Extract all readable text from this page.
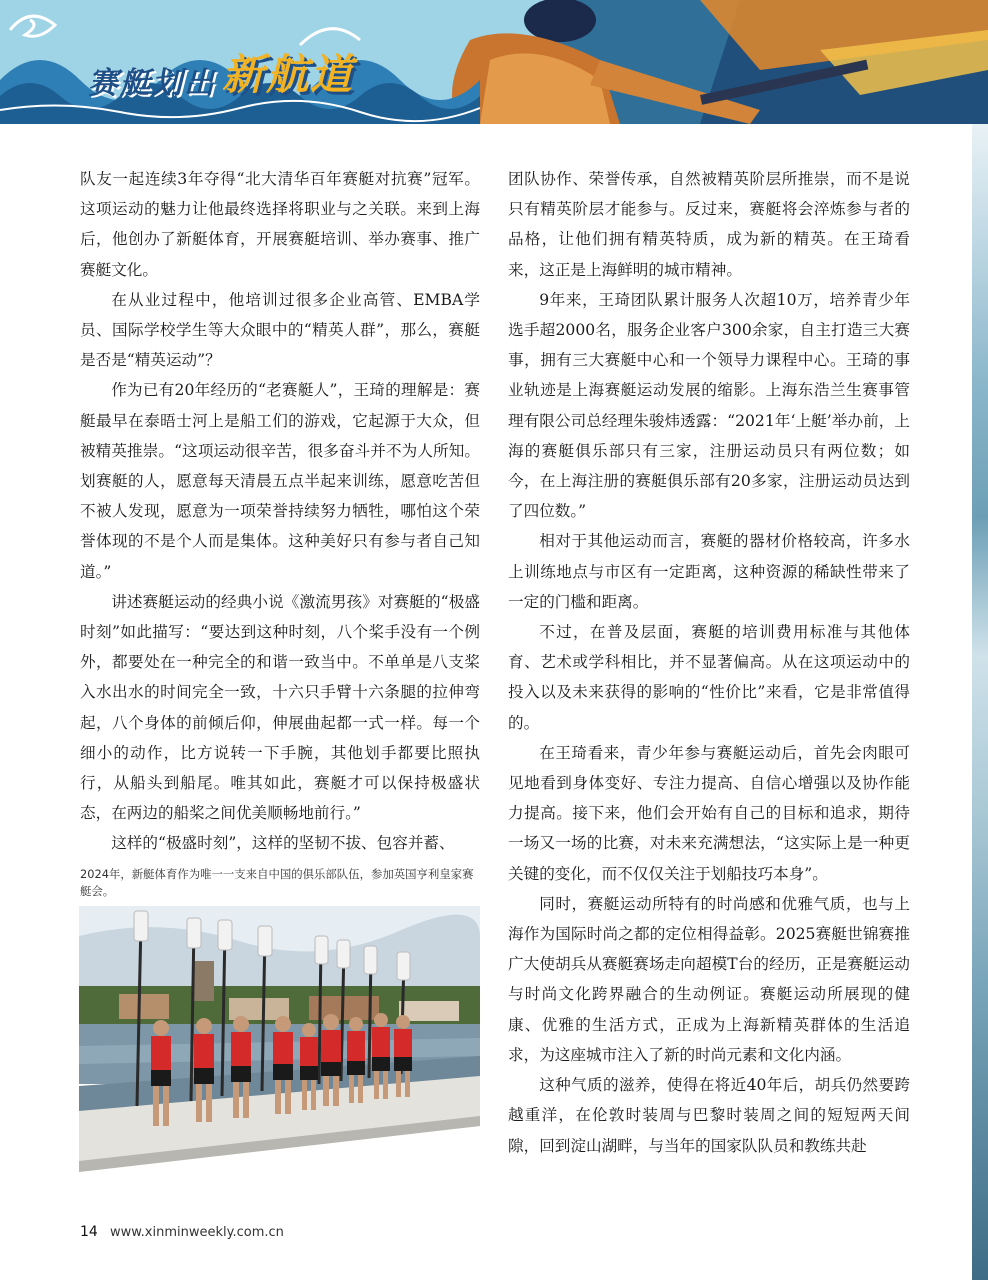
赛艇划出 新航道

队友一起连续3年夺得“北大清华百年赛艇对抗赛”冠军。这项运动的魅力让他最终选择将职业与之关联。来到上海后，他创办了新艇体育，开展赛艇培训、举办赛事、推广赛艇文化。

在从业过程中，他培训过很多企业高管、EMBA学员、国际学校学生等大众眼中的“精英人群”，那么，赛艇是否是“精英运动”？

作为已有20年经历的“老赛艇人”，王琦的理解是：赛艇最早在泰晤士河上是船工们的游戏，它起源于大众，但被精英推崇。“这项运动很辛苦，很多奋斗并不为人所知。划赛艇的人，愿意每天清晨五点半起来训练，愿意吃苦但不被人发现，愿意为一项荣誉持续努力牺牲，哪怕这个荣誉体现的不是个人而是集体。这种美好只有参与者自己知道。”

讲述赛艇运动的经典小说《激流男孩》对赛艇的“极盛时刻”如此描写：“要达到这种时刻，八个桨手没有一个例外，都要处在一种完全的和谐一致当中。不单单是八支桨入水出水的时间完全一致，十六只手臂十六条腿的拉伸弯起，八个身体的前倾后仰，伸展曲起都一式一样。每一个细小的动作，比方说转一下手腕，其他划手都要比照执行，从船头到船尾。唯其如此，赛艇才可以保持极盛状态，在两边的船桨之间优美顺畅地前行。”

这样的“极盛时刻”，这样的坚韧不拔、包容并蓄、

2024年，新艇体育作为唯一一支来自中国的俱乐部队伍，参加英国亨利皇家赛艇会。

团队协作、荣誉传承，自然被精英阶层所推崇，而不是说只有精英阶层才能参与。反过来，赛艇将会淬炼参与者的品格，让他们拥有精英特质，成为新的精英。在王琦看来，这正是上海鲜明的城市精神。

9年来，王琦团队累计服务人次超10万，培养青少年选手超2000名，服务企业客户300余家，自主打造三大赛事，拥有三大赛艇中心和一个领导力课程中心。王琦的事业轨迹是上海赛艇运动发展的缩影。上海东浩兰生赛事管理有限公司总经理朱骏炜透露：“2021年‘上艇’举办前，上海的赛艇俱乐部只有三家，注册运动员只有两位数；如今，在上海注册的赛艇俱乐部有20多家，注册运动员达到了四位数。”

相对于其他运动而言，赛艇的器材价格较高，许多水上训练地点与市区有一定距离，这种资源的稀缺性带来了一定的门槛和距离。

不过，在普及层面，赛艇的培训费用标准与其他体育、艺术或学科相比，并不显著偏高。从在这项运动中的投入以及未来获得的影响的“性价比”来看，它是非常值得的。

在王琦看来，青少年参与赛艇运动后，首先会肉眼可见地看到身体变好、专注力提高、自信心增强以及协作能力提高。接下来，他们会开始有自己的目标和追求，期待一场又一场的比赛，对未来充满想法，“这实际上是一种更关键的变化，而不仅仅关注于划船技巧本身”。

同时，赛艇运动所特有的时尚感和优雅气质，也与上海作为国际时尚之都的定位相得益彰。2025赛艇世锦赛推广大使胡兵从赛艇赛场走向超模T台的经历，正是赛艇运动与时尚文化跨界融合的生动例证。赛艇运动所展现的健康、优雅的生活方式，正成为上海新精英群体的生活追求，为这座城市注入了新的时尚元素和文化内涵。

这种气质的滋养，使得在将近40年后，胡兵仍然要跨越重洋，在伦敦时装周与巴黎时装周之间的短短两天间隙，回到淀山湖畔，与当年的国家队队员和教练共赴

14 www.xinminweekly.com.cn
